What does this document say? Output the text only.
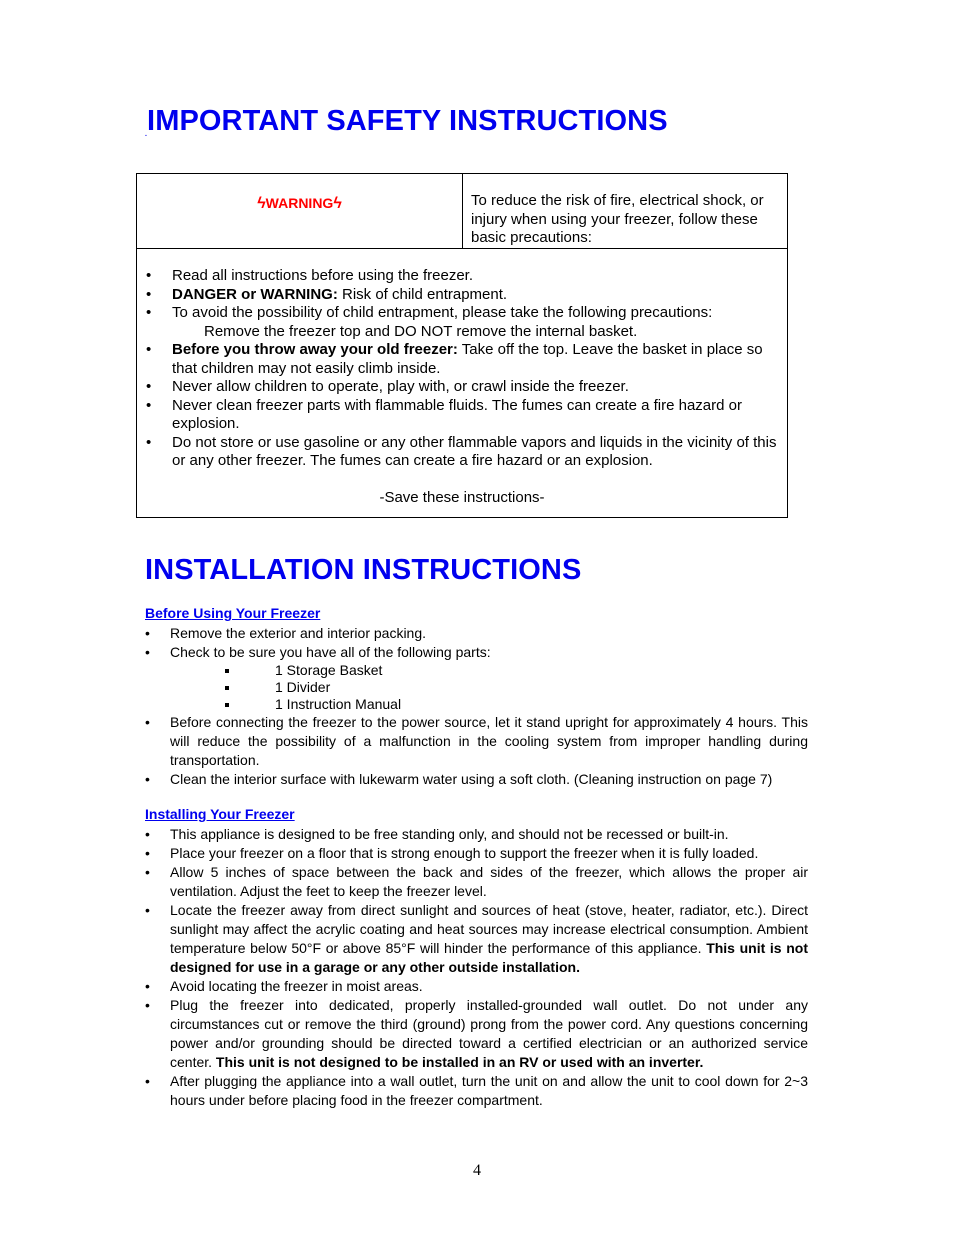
.IMPORTANT SAFETY INSTRUCTIONS
ϟWARNINGϟ	To reduce the risk of fire, electrical shock, or injury when using your freezer, follow these basic precautions:

• Read all instructions before using the freezer.
• DANGER or WARNING: Risk of child entrapment.
• To avoid the possibility of child entrapment, please take the following precautions:
Remove the freezer top and DO NOT remove the internal basket.
• Before you throw away your old freezer: Take off the top. Leave the basket in place so that children may not easily climb inside.
• Never allow children to operate, play with, or crawl inside the freezer.
• Never clean freezer parts with flammable fluids. The fumes can create a fire hazard or explosion.
• Do not store or use gasoline or any other flammable vapors and liquids in the vicinity of this or any other freezer. The fumes can create a fire hazard or an explosion.
-Save these instructions-
INSTALLATION INSTRUCTIONS
Before Using Your Freezer
• Remove the exterior and interior packing.
• Check to be sure you have all of the following parts:
1 Storage Basket
1 Divider
1 Instruction Manual
• Before connecting the freezer to the power source, let it stand upright for approximately 4 hours. This will reduce the possibility of a malfunction in the cooling system from improper handling during transportation.
• Clean the interior surface with lukewarm water using a soft cloth. (Cleaning instruction on page 7)
Installing Your Freezer
• This appliance is designed to be free standing only, and should not be recessed or built-in.
• Place your freezer on a floor that is strong enough to support the freezer when it is fully loaded.
• Allow 5 inches of space between the back and sides of the freezer, which allows the proper air ventilation. Adjust the feet to keep the freezer level.
• Locate the freezer away from direct sunlight and sources of heat (stove, heater, radiator, etc.). Direct sunlight may affect the acrylic coating and heat sources may increase electrical consumption. Ambient temperature below 50°F or above 85°F will hinder the performance of this appliance. This unit is not designed for use in a garage or any other outside installation.
• Avoid locating the freezer in moist areas.
• Plug the freezer into dedicated, properly installed-grounded wall outlet. Do not under any circumstances cut or remove the third (ground) prong from the power cord. Any questions concerning power and/or grounding should be directed toward a certified electrician or an authorized service center. This unit is not designed to be installed in an RV or used with an inverter.
• After plugging the appliance into a wall outlet, turn the unit on and allow the unit to cool down for 2~3 hours under before placing food in the freezer compartment.
4
